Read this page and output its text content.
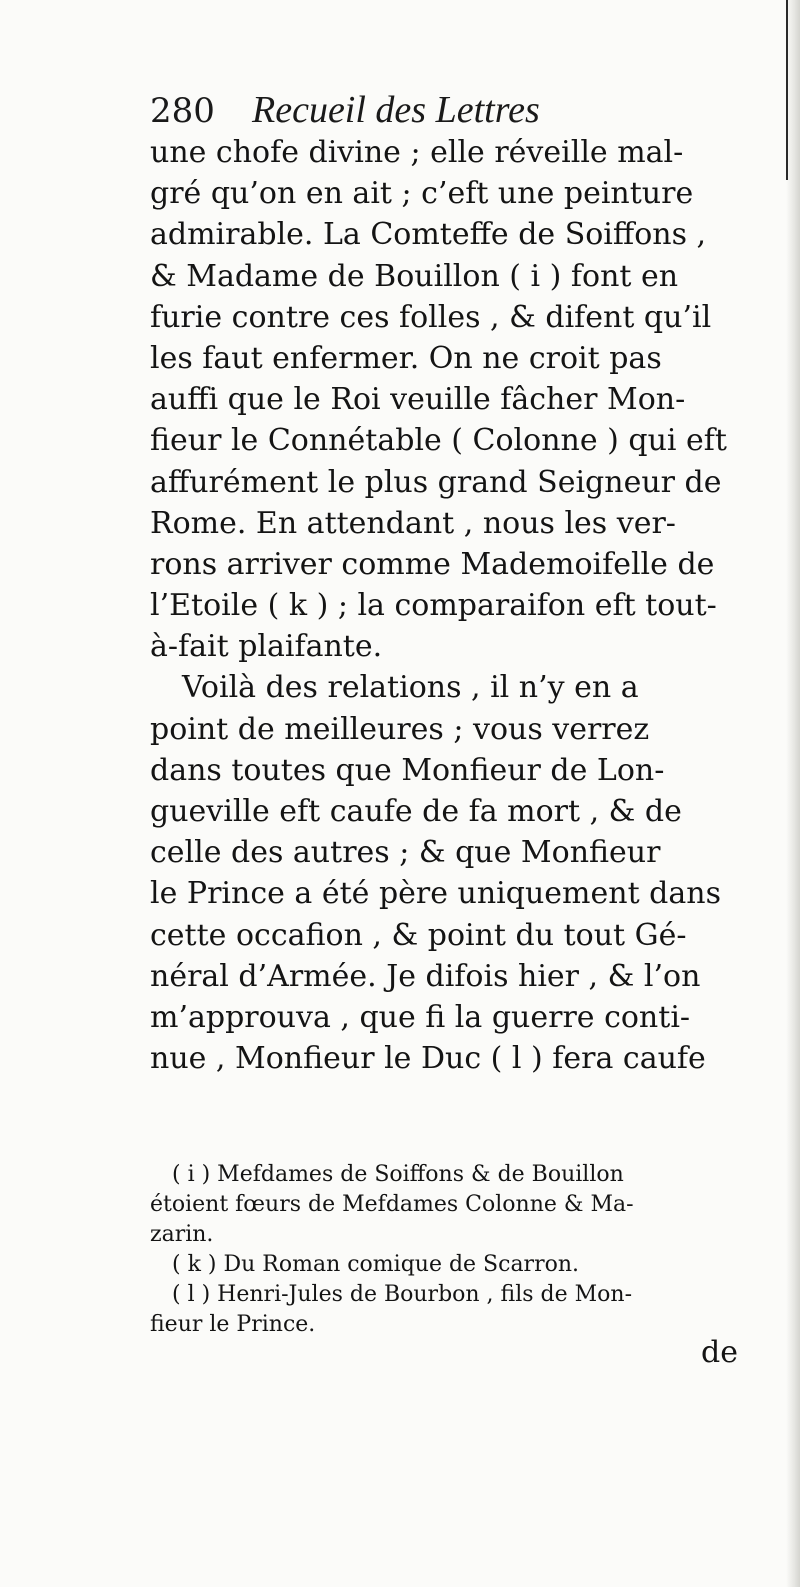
280 Recueil des Lettres
une chofe divine ; elle réveille mal-
gré qu’on en ait ; c’eft une peinture
admirable. La Comteffe de Soiffons ,
& Madame de Bouillon ( i ) font en
furie contre ces folles , & difent qu’il
les faut enfermer. On ne croit pas
auffi que le Roi veuille fâcher Mon-
fieur le Connétable ( Colonne ) qui eft
affurément le plus grand Seigneur de
Rome. En attendant , nous les ver-
rons arriver comme Mademoifelle de
l’Etoile ( k ) ; la comparaifon eft tout-
à-fait plaifante.
Voilà des relations , il n’y en a
point de meilleures ; vous verrez
dans toutes que Monfieur de Lon-
gueville eft caufe de fa mort , & de
celle des autres ; & que Monfieur
le Prince a été père uniquement dans
cette occafion , & point du tout Gé-
néral d’Armée. Je difois hier , & l’on
m’approuva , que fi la guerre conti-
nue , Monfieur le Duc ( l ) fera caufe
( i ) Mefdames de Soiffons & de Bouillon
étoient fœurs de Mefdames Colonne & Ma-
zarin.
( k ) Du Roman comique de Scarron.
( l ) Henri-Jules de Bourbon , fils de Mon-
fieur le Prince.
de
